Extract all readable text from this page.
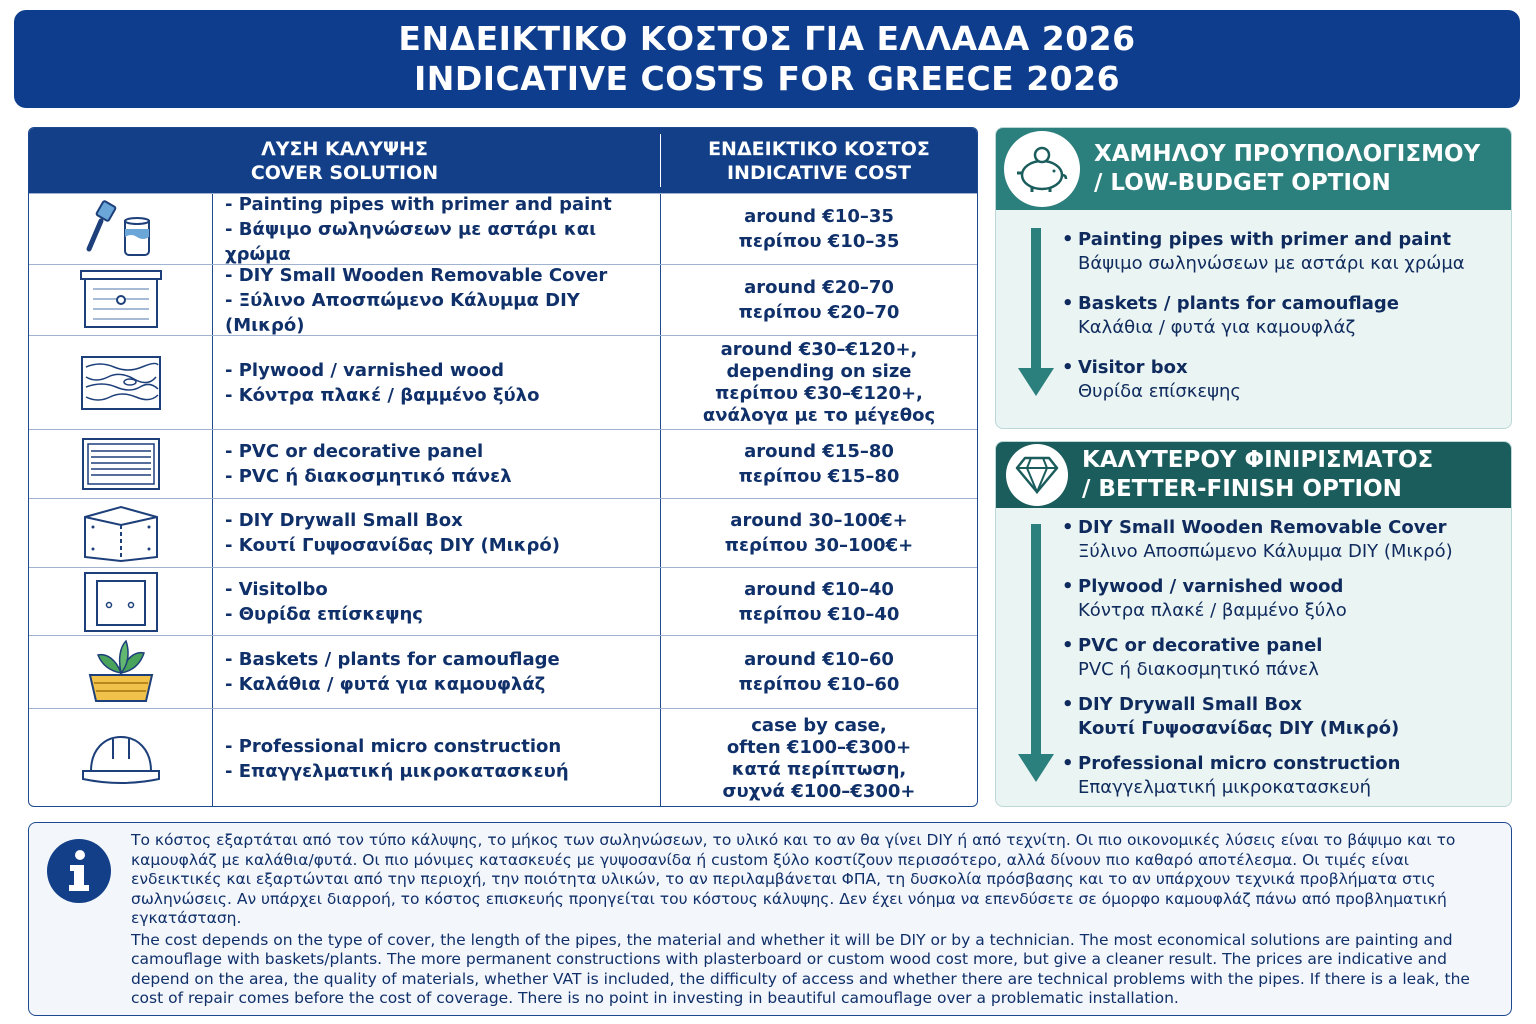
ΕΝΔΕΙΚΤΙΚΟ ΚΟΣΤΟΣ ΓΙΑ ΕΛΛΑΔΑ 2026
INDICATIVE COSTS FOR GREECE 2026
ΛΥΣΗ ΚΑΛΥΨΗΣ
COVER SOLUTION
ΕΝΔΕΙΚΤΙΚΟ ΚΟΣΤΟΣ
INDICATIVE COST
- Painting pipes with primer and paint
- Βάψιμο σωληνώσεων με αστάρι και χρώμα
around €10–35
περίπου €10–35
- DIY Small Wooden Removable Cover
- Ξύλινο Αποσπώμενο Κάλυμμα DIY (Μικρό)
around €20–70
περίπου €20–70
- Plywood / varnished wood
- Κόντρα πλακέ / βαμμένο ξύλο
around €30–€120+,
depending on size
περίπου €30–€120+,
ανάλογα με το μέγεθος
- PVC or decorative panel
- PVC ή διακοσμητικό πάνελ
around €15–80
περίπου €15–80
- DIY Drywall Small Box
- Κουτί Γυψοσανίδας DIY (Μικρό)
around 30–100€+
περίπου 30–100€+
- Visitolbo
- Θυρίδα επίσκεψης
around €10–40
περίπου €10–40
- Baskets / plants for camouflage
- Καλάθια / φυτά για καμουφλάζ
around €10–60
περίπου €10–60
- Professional micro construction
- Επαγγελματική μικροκατασκευή
case by case,
often €100–€300+
κατά περίπτωση,
συχνά €100–€300+
ΧΑΜΗΛΟΥ ΠΡΟΥΠΟΛΟΓΙΣΜΟΥ
/ LOW-BUDGET OPTION
• Painting pipes with primer and paint
Βάψιμο σωληνώσεων με αστάρι και χρώμα
• Baskets / plants for camouflage
Καλάθια / φυτά για καμουφλάζ
• Visitor box
Θυρίδα επίσκεψης
ΚΑΛΥΤΕΡΟΥ ΦΙΝΙΡΙΣΜΑΤΟΣ
/ BETTER-FINISH OPTION
• DIY Small Wooden Removable Cover
Ξύλινο Αποσπώμενο Κάλυμμα DIY (Μικρό)
• Plywood / varnished wood
Κόντρα πλακέ / βαμμένο ξύλο
• PVC or decorative panel
PVC ή διακοσμητικό πάνελ
• DIY Drywall Small Box
Κουτί Γυψοσανίδας DIY (Μικρό)
• Professional micro construction
Επαγγελματική μικροκατασκευή

Το κόστος εξαρτάται από τον τύπο κάλυψης, το μήκος των σωληνώσεων, το υλικό και το αν θα γίνει DIY ή από τεχνίτη. Οι πιο οικονομικές λύσεις είναι το βάψιμο και το καμουφλάζ με καλάθια/φυτά. Οι πιο μόνιμες κατασκευές με γυψοσανίδα ή custom ξύλο κοστίζουν περισσότερο, αλλά δίνουν πιο καθαρό αποτέλεσμα. Οι τιμές είναι ενδεικτικές και εξαρτώνται από την περιοχή, την ποιότητα υλικών, το αν περιλαμβάνεται ΦΠΑ, τη δυσκολία πρόσβασης και το αν υπάρχουν τεχνικά προβλήματα στις σωληνώσεις. Αν υπάρχει διαρροή, το κόστος επισκευής προηγείται του κόστους κάλυψης. Δεν έχει νόημα να επενδύσετε σε όμορφο καμουφλάζ πάνω από προβληματική εγκατάσταση.

The cost depends on the type of cover, the length of the pipes, the material and whether it will be DIY or by a technician. The most economical solutions are painting and camouflage with baskets/plants. The more permanent constructions with plasterboard or custom wood cost more, but give a cleaner result. The prices are indicative and depend on the area, the quality of materials, whether VAT is included, the difficulty of access and whether there are technical problems with the pipes. If there is a leak, the cost of repair comes before the cost of coverage. There is no point in investing in beautiful camouflage over a problematic installation.
